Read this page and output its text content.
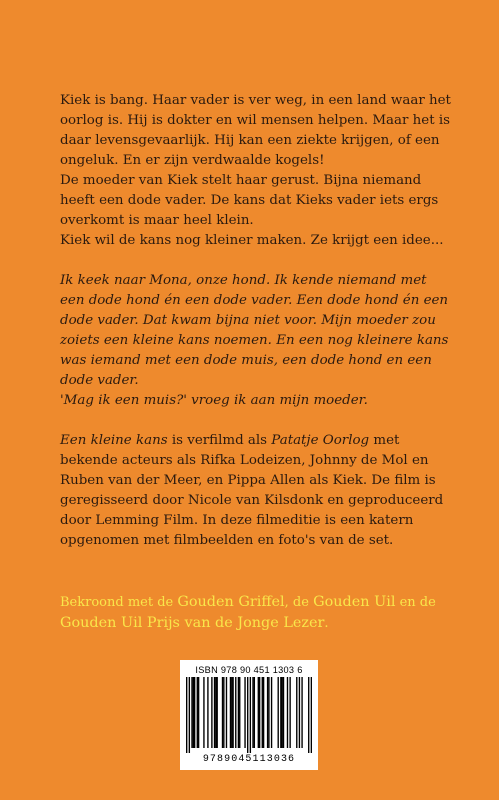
Kiek is bang. Haar vader is ver weg, in een land waar het oorlog is. Hij is dokter en wil mensen helpen. Maar het is daar levensgevaarlijk. Hij kan een ziekte krijgen, of een ongeluk. En er zijn verdwaalde kogels!

De moeder van Kiek stelt haar gerust. Bijna niemand heeft een dode vader. De kans dat Kieks vader iets ergs overkomt is maar heel klein.

Kiek wil de kans nog kleiner maken. Ze krijgt een idee...

Ik keek naar Mona, onze hond. Ik kende niemand met een dode hond én een dode vader. Een dode hond én een dode vader. Dat kwam bijna niet voor. Mijn moeder zou zoiets een kleine kans noemen. En een nog kleinere kans was iemand met een dode muis, een dode hond en een dode vader.

'Mag ik een muis?' vroeg ik aan mijn moeder.

Een kleine kans is verfilmd als Patatje Oorlog met bekende acteurs als Rifka Lodeizen, Johnny de Mol en Ruben van der Meer, en Pippa Allen als Kiek. De film is geregisseerd door Nicole van Kilsdonk en geproduceerd door Lemming Film. In deze filmeditie is een katern opgenomen met filmbeelden en foto's van de set.

Bekroond met de Gouden Griffel, de Gouden Uil en de Gouden Uil Prijs van de Jonge Lezer.
ISBN 978 90 451 1303 6
9789045113036
